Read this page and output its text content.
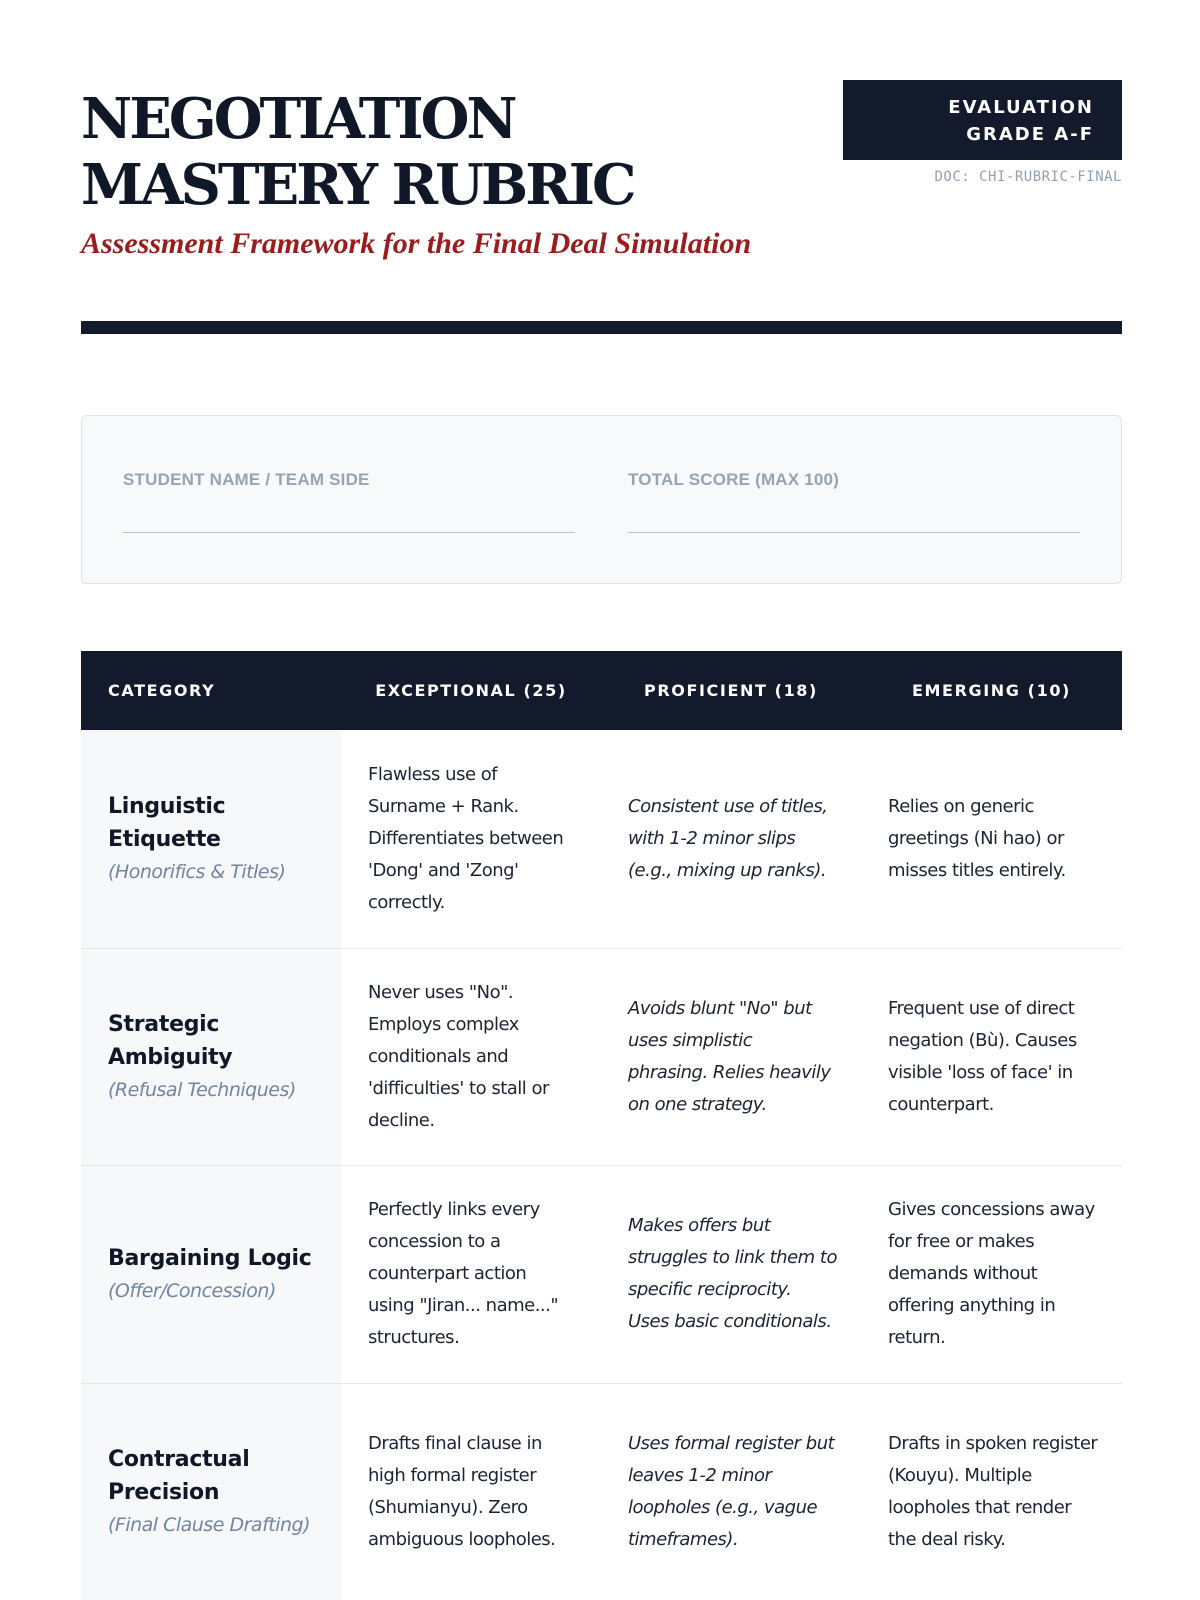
NEGOTIATION MASTERY RUBRIC
Assessment Framework for the Final Deal Simulation
EVALUATION
GRADE A-F
DOC: CHI-RUBRIC-FINAL
STUDENT NAME / TEAM SIDE	TOTAL SCORE (MAX 100)
CATEGORY	EXCEPTIONAL (25)	PROFICIENT (18)	EMERGING (10)

Linguistic Etiquette
(Honorifics & Titles)	Flawless use of Surname + Rank. Differentiates between 'Dong' and 'Zong' correctly.	Consistent use of titles, with 1-2 minor slips (e.g., mixing up ranks).	Relies on generic greetings (Ni hao) or misses titles entirely.

Strategic Ambiguity
(Refusal Techniques)	Never uses "No". Employs complex conditionals and 'difficulties' to stall or decline.	Avoids blunt "No" but uses simplistic phrasing. Relies heavily on one strategy.	Frequent use of direct negation (Bù). Causes visible 'loss of face' in counterpart.

Bargaining Logic
(Offer/Concession)	Perfectly links every concession to a counterpart action using "Jiran... name..." structures.	Makes offers but struggles to link them to specific reciprocity. Uses basic conditionals.	Gives concessions away for free or makes demands without offering anything in return.

Contractual Precision
(Final Clause Drafting)	Drafts final clause in high formal register (Shumianyu). Zero ambiguous loopholes.	Uses formal register but leaves 1-2 minor loopholes (e.g., vague timeframes).	Drafts in spoken register (Kouyu). Multiple loopholes that render the deal risky.
